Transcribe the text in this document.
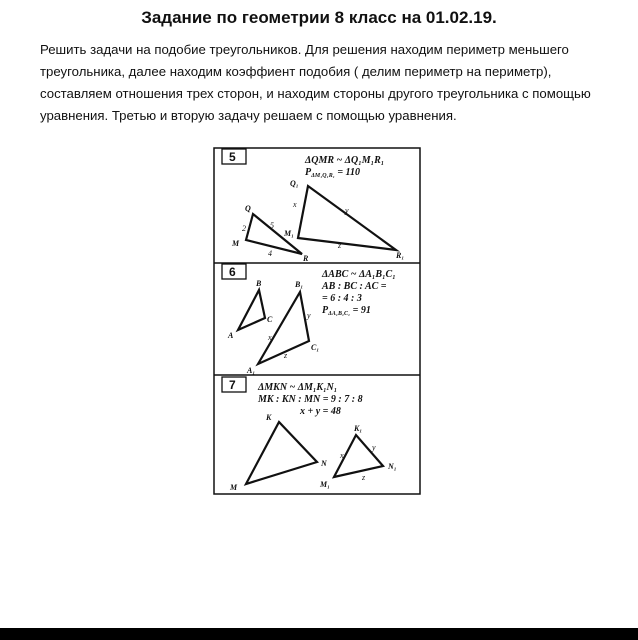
Задание по геометрии 8 класс на 01.02.19.
Решить задачи на подобие треугольников. Для решения находим периметр меньшего
треугольника, далее находим коэффиент подобия ( делим периметр на периметр),
составляем отношения трех сторон, и находим стороны другого треугольника с помощью
уравнения. Третью и вторую задачу решаем с помощью уравнения.
5
6
7
ΔQMR ~ ΔQ₁M₁R₁
$P_{\Delta M_1Q_1R_1} = 110$
Q
M
R
Q₁
M₁
R₁
2	5
4
x
y
z
ΔABC ~ ΔA₁B₁C₁
AB : BC : AC =
= 6 : 4 : 3
$P_{\Delta A_1B_1C_1} = 91$
B
A
C
B₁
A₁
C₁
x
y
z
ΔMKN ~ ΔM₁K₁N₁
MK : KN : MN = 9 : 7 : 8
x + y = 48
K
M
N
K₁
M₁
N₁
x
y
z
